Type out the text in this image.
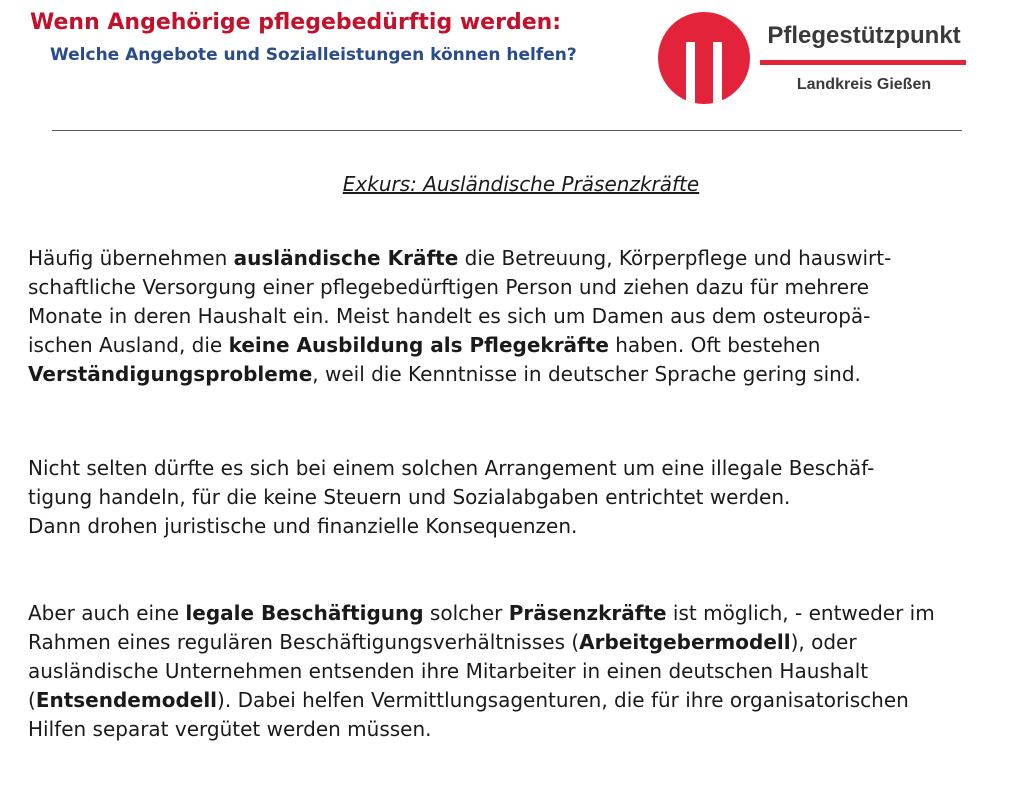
Wenn Angehörige pflegebedürftig werden:
Welche Angebote und Sozialleistungen können helfen?
Pflegestützpunkt
Landkreis Gießen
Exkurs: Ausländische Präsenzkräfte
Häufig übernehmen ausländische Kräfte die Betreuung, Körperpflege und hauswirt-
schaftliche Versorgung einer pflegebedürftigen Person und ziehen dazu für mehrere
Monate in deren Haushalt ein. Meist handelt es sich um Damen aus dem osteuropä-
ischen Ausland, die keine Ausbildung als Pflegekräfte haben. Oft bestehen
Verständigungsprobleme, weil die Kenntnisse in deutscher Sprache gering sind.
Nicht selten dürfte es sich bei einem solchen Arrangement um eine illegale Beschäf-
tigung handeln, für die keine Steuern und Sozialabgaben entrichtet werden.
Dann drohen juristische und finanzielle Konsequenzen.
Aber auch eine legale Beschäftigung solcher Präsenzkräfte ist möglich, - entweder im
Rahmen eines regulären Beschäftigungsverhältnisses (Arbeitgebermodell), oder
ausländische Unternehmen entsenden ihre Mitarbeiter in einen deutschen Haushalt
(Entsendemodell). Dabei helfen Vermittlungsagenturen, die für ihre organisatorischen
Hilfen separat vergütet werden müssen.
